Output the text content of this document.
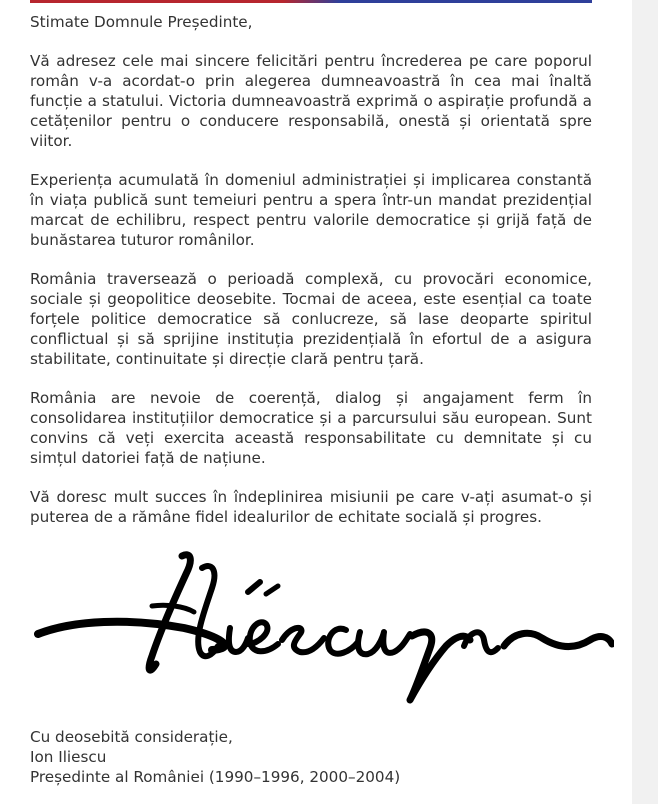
Stimate Domnule Președinte,

Vă adresez cele mai sincere felicitări pentru încrederea pe care poporul român v-a acordat-o prin alegerea dumneavoastră în cea mai înaltă funcție a statului. Victoria dumneavoastră exprimă o aspirație profundă a cetățenilor pentru o conducere responsabilă, onestă și orientată spre viitor.

Experiența acumulată în domeniul administrației și implicarea constantă în viața publică sunt temeiuri pentru a spera într-un mandat prezidențial marcat de echilibru, respect pentru valorile democratice și grijă față de bunăstarea tuturor românilor.

România traversează o perioadă complexă, cu provocări economice, sociale și geopolitice deosebite. Tocmai de aceea, este esențial ca toate forțele politice democratice să conlucreze, să lase deoparte spiritul conflictual și să sprijine instituția prezidențială în efortul de a asigura stabilitate, continuitate și direcție clară pentru țară.

România are nevoie de coerență, dialog și angajament ferm în consolidarea instituțiilor democratice și a parcursului său european. Sunt convins că veți exercita această responsabilitate cu demnitate și cu simțul datoriei față de națiune.

Vă doresc mult succes în îndeplinirea misiunii pe care v-ați asumat-o și puterea de a rămâne fidel idealurilor de echitate socială și progres.

Cu deosebită considerație,
Ion Iliescu
Președinte al României (1990–1996, 2000–2004)
